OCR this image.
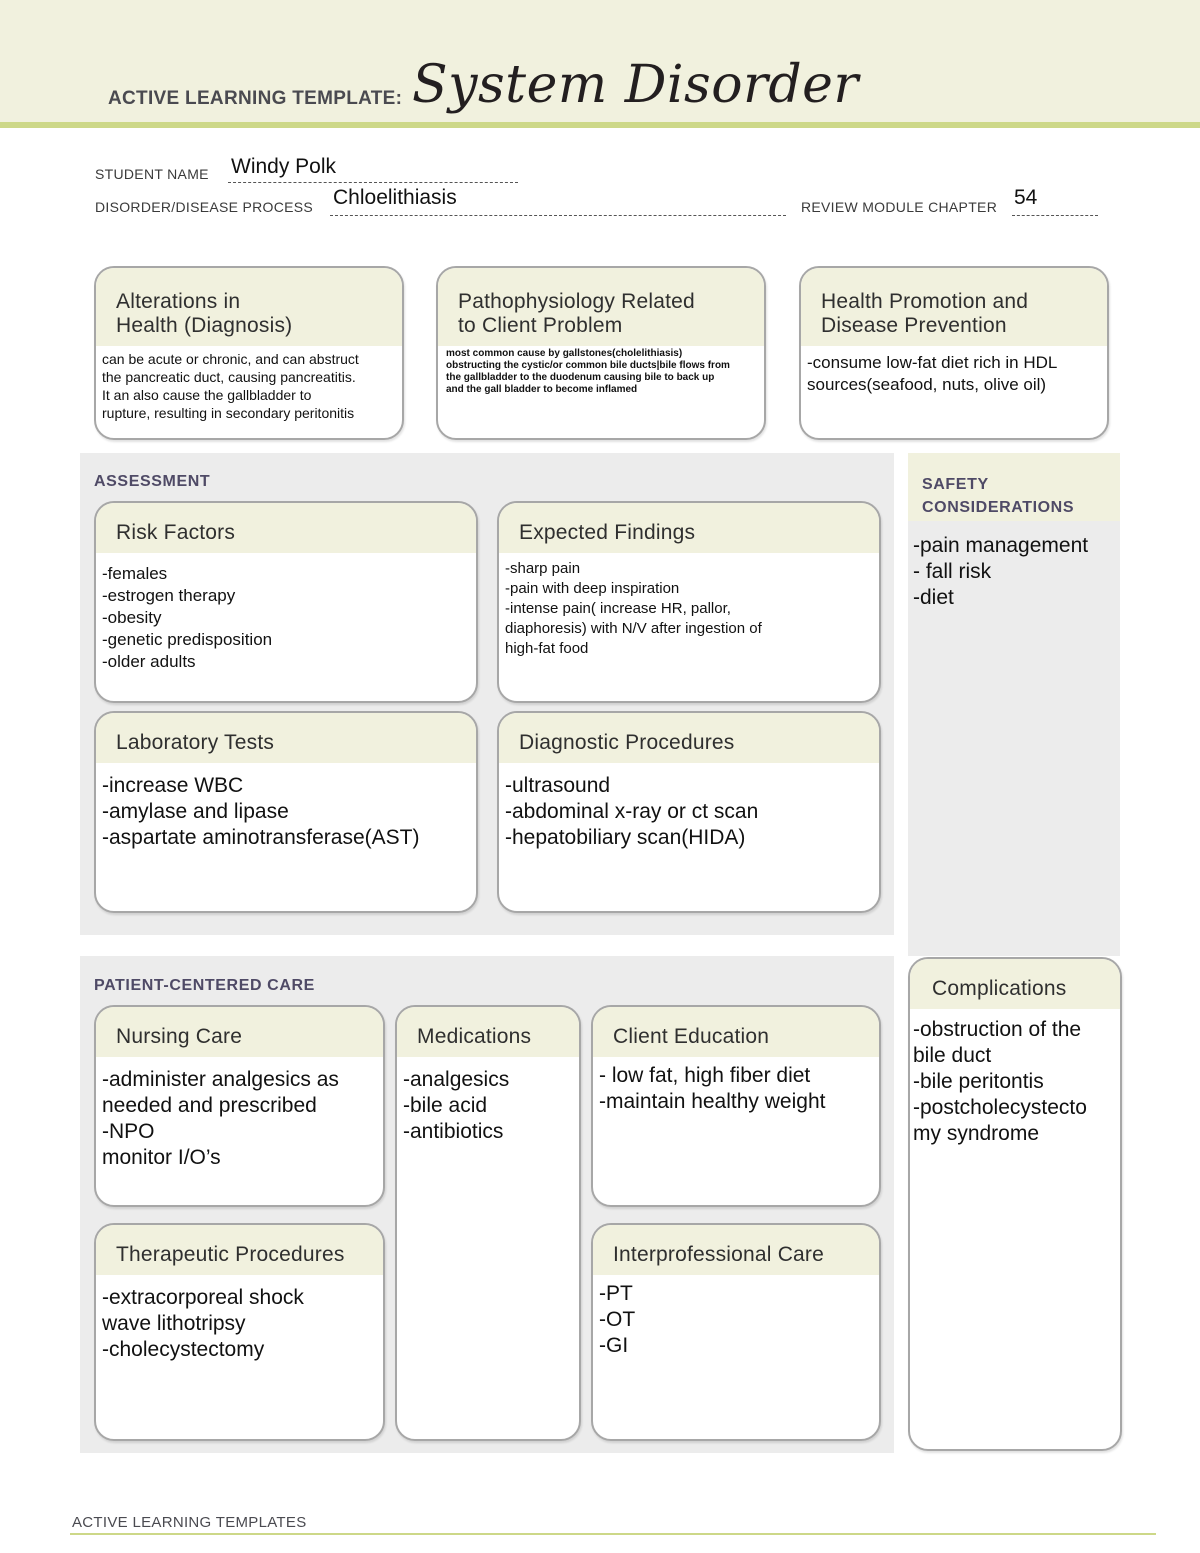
ACTIVE LEARNING TEMPLATE: System Disorder
STUDENT NAME Windy Polk
DISORDER/DISEASE PROCESS Chloelithiasis	REVIEW MODULE CHAPTER 54
Alterations in
Health (Diagnosis)
can be acute or chronic, and can abstruct
the pancreatic duct, causing pancreatitis.
It an also cause the gallbladder to
rupture, resulting in secondary peritonitis
Pathophysiology Related
to Client Problem
most common cause by gallstones(cholelithiasis)
obstructing the cystic/or common bile ducts|bile flows from
the gallbladder to the duodenum causing bile to back up
and the gall bladder to become inflamed
Health Promotion and
Disease Prevention
-consume low-fat diet rich in HDL
sources(seafood, nuts, olive oil)
ASSESSMENT
Risk Factors
-females
-estrogen therapy
-obesity
-genetic predisposition
-older adults
Expected Findings
-sharp pain
-pain with deep inspiration
-intense pain( increase HR, pallor,
diaphoresis) with N/V after ingestion of
high-fat food
Laboratory Tests
-increase WBC
-amylase and lipase
-aspartate aminotransferase(AST)
Diagnostic Procedures
-ultrasound
-abdominal x-ray or ct scan
-hepatobiliary scan(HIDA)
SAFETY
CONSIDERATIONS
-pain management
- fall risk
-diet
PATIENT-CENTERED CARE
Nursing Care
-administer analgesics as
needed and prescribed
-NPO
monitor I/O’s
Medications
-analgesics
-bile acid
-antibiotics
Client Education
- low fat, high fiber diet
-maintain healthy weight
Therapeutic Procedures
-extracorporeal shock
wave lithotripsy
-cholecystectomy
Interprofessional Care
-PT
-OT
-GI
Complications
-obstruction of the
bile duct
-bile peritontis
-postcholecystecto
my syndrome
ACTIVE LEARNING TEMPLATES
